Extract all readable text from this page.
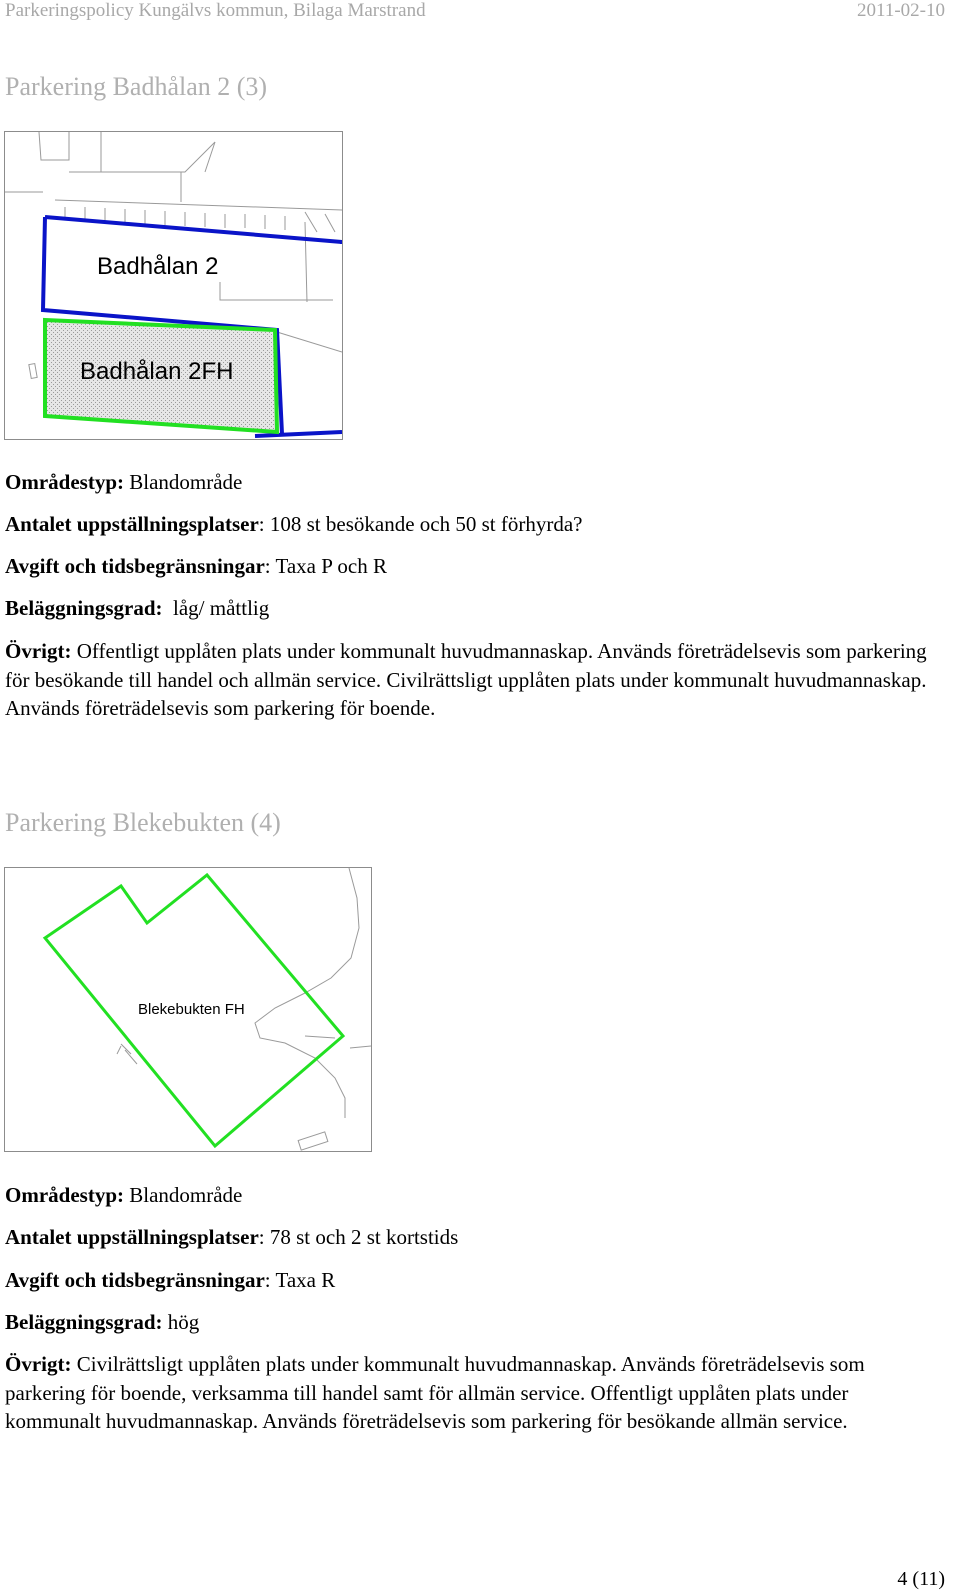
Parkeringspolicy Kungälvs kommun, Bilaga Marstrand	2011-02-10
Parkering Badhålan 2 (3)
Badhålan 2
Badhålan 2FH
Områdestyp: Blandområde
Antalet uppställningsplatser: 108 st besökande och 50 st förhyrda?
Avgift och tidsbegränsningar: Taxa P och R
Beläggningsgrad:  låg/ måttlig
Övrigt: Offentligt upplåten plats under kommunalt huvudmannaskap. Används företrädelsevis som parkering för besökande till handel och allmän service. Civilrättsligt upplåten plats under kommunalt huvudmannaskap. Används företrädelsevis som parkering för boende.
Parkering Blekebukten (4)
Blekebukten FH
Områdestyp: Blandområde
Antalet uppställningsplatser: 78 st och 2 st kortstids
Avgift och tidsbegränsningar: Taxa R
Beläggningsgrad: hög
Övrigt: Civilrättsligt upplåten plats under kommunalt huvudmannaskap. Används företrädelsevis som parkering för boende, verksamma till handel samt för allmän service. Offentligt upplåten plats under kommunalt huvudmannaskap. Används företrädelsevis som parkering för besökande allmän service.
4 (11)
